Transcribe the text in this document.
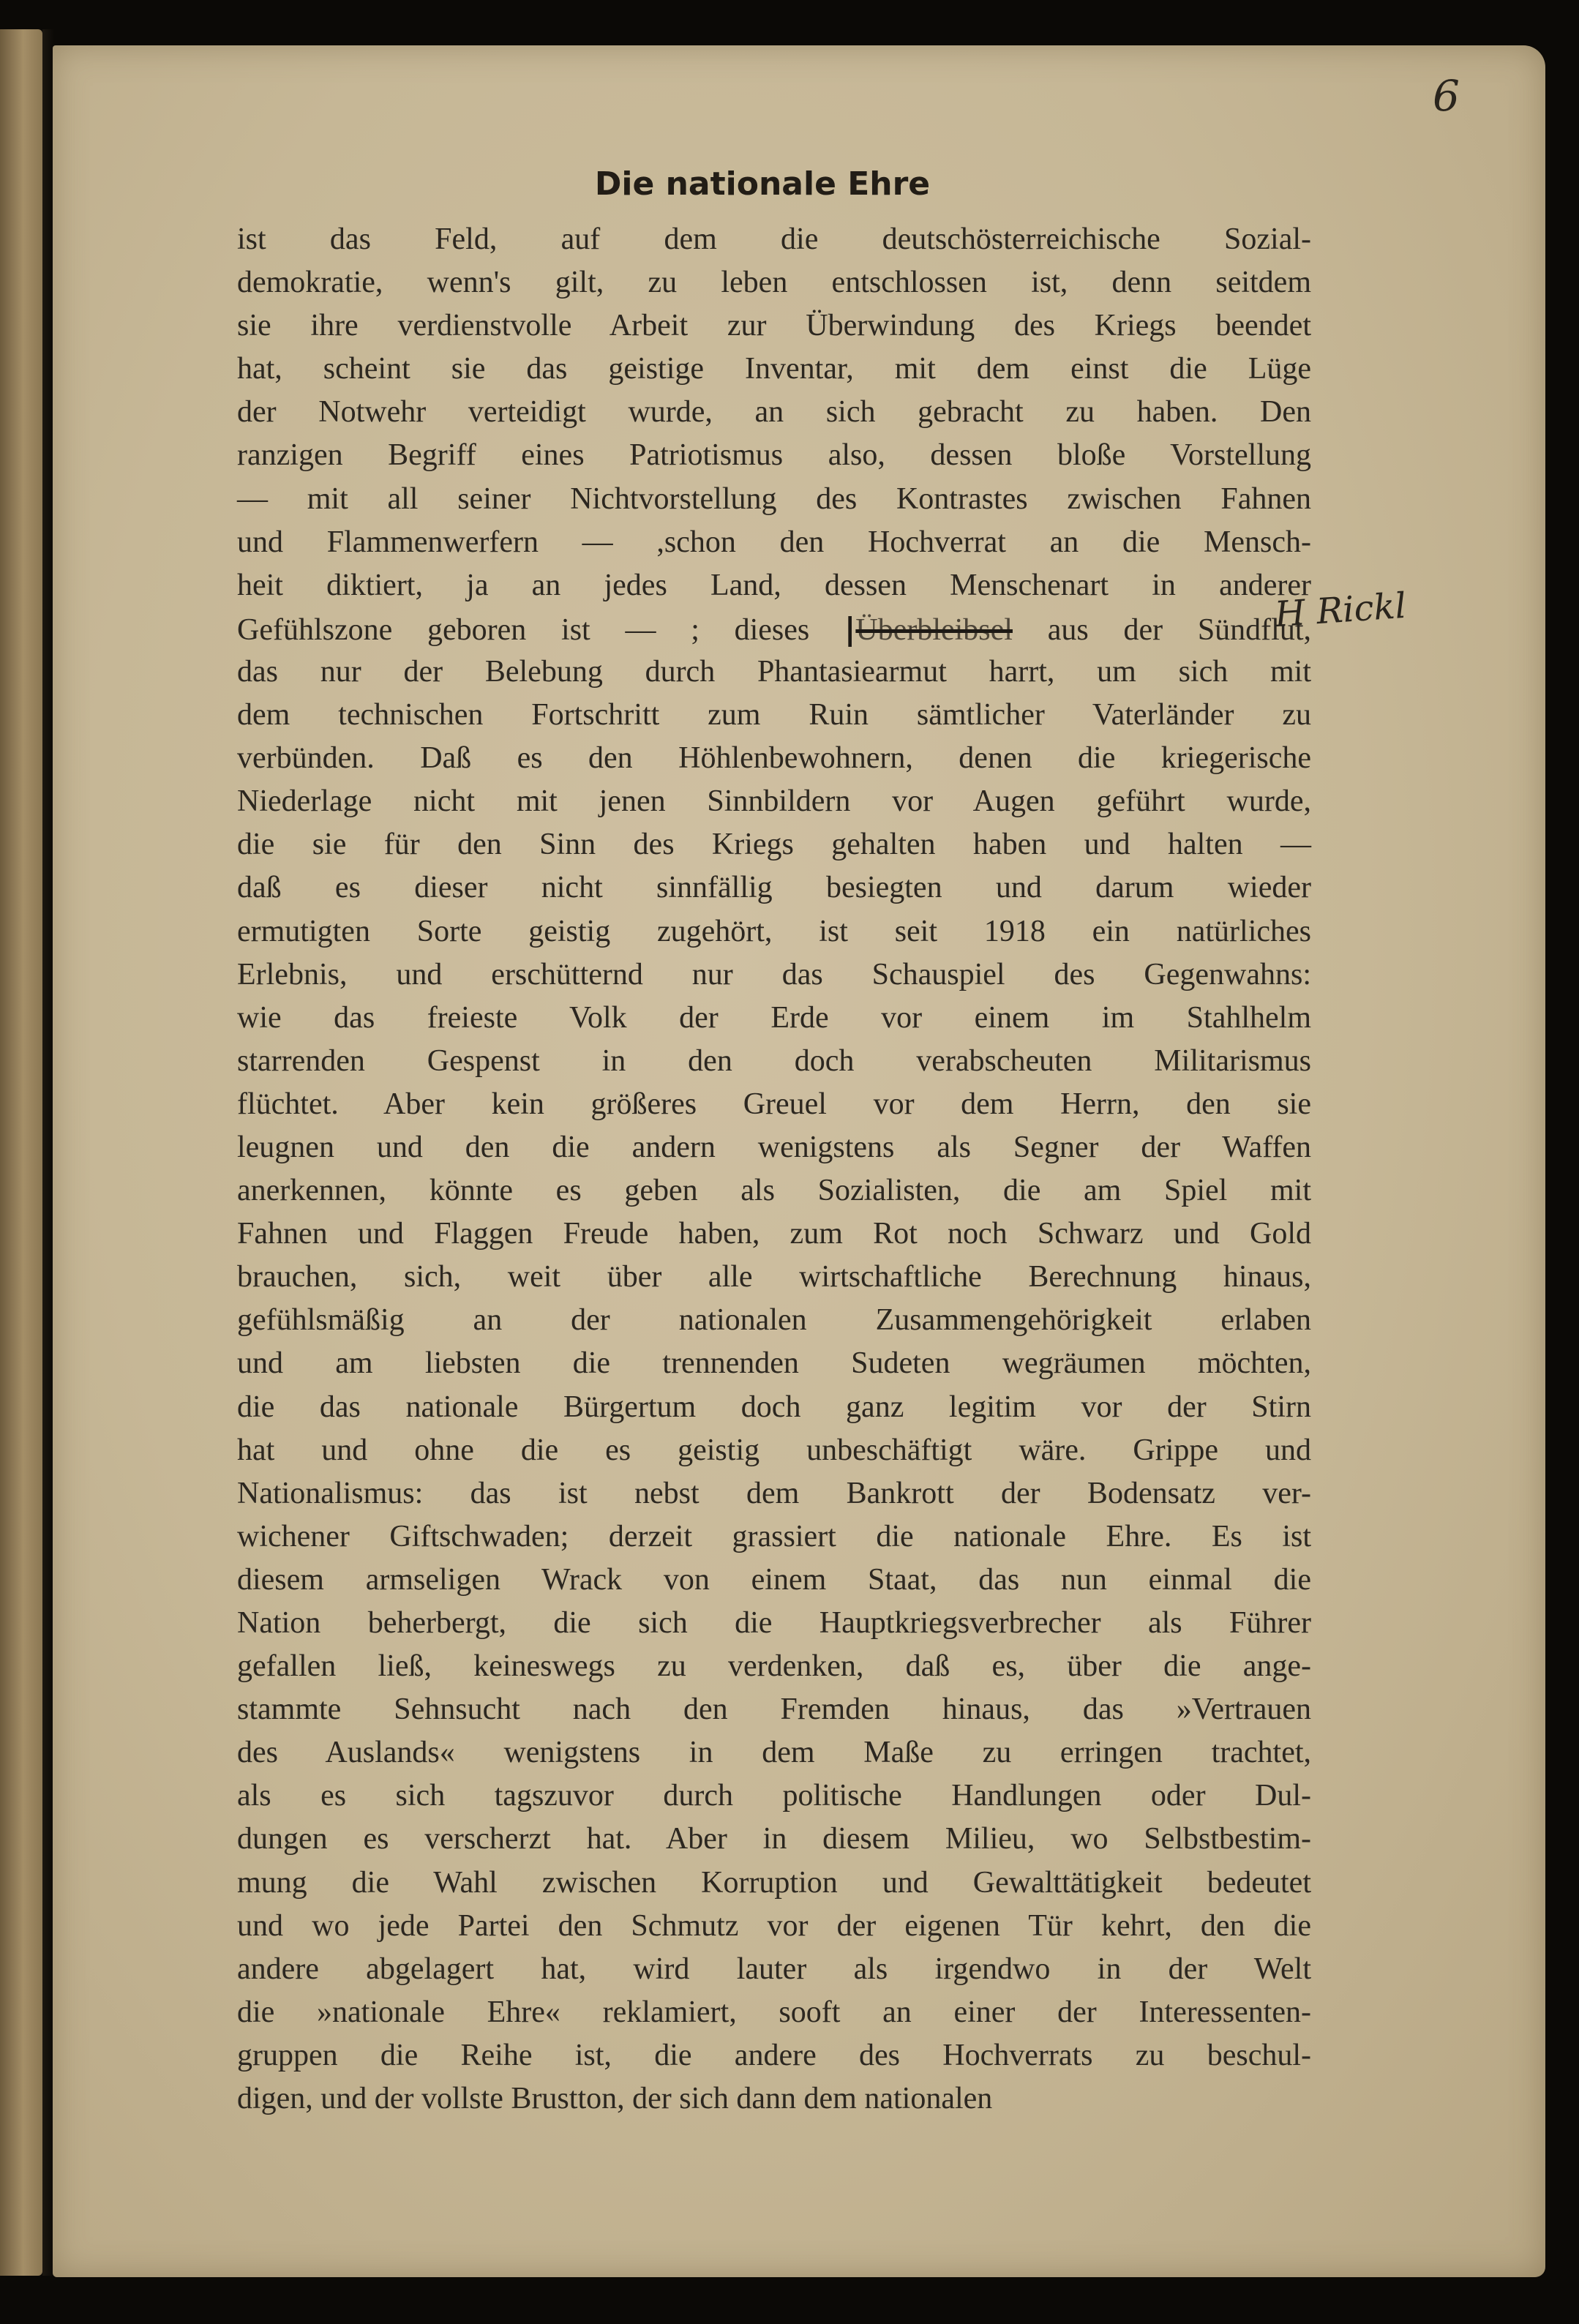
6

Die nationale Ehre

H Rickl

ist das Feld, auf dem die deutschösterreichische Sozial-
demokratie, wenn's gilt, zu leben entschlossen ist, denn seitdem
sie ihre verdienstvolle Arbeit zur Überwindung des Kriegs beendet
hat, scheint sie das geistige Inventar, mit dem einst die Lüge
der Notwehr verteidigt wurde, an sich gebracht zu haben. Den
ranzigen Begriff eines Patriotismus also, dessen bloße Vorstellung
— mit all seiner Nichtvorstellung des Kontrastes zwischen Fahnen
und Flammenwerfern — ,schon den Hochverrat an die Mensch-
heit diktiert, ja an jedes Land, dessen Menschenart in anderer
Gefühlszone geboren ist — ; dieses |Überbleibsel aus der Sündflut,
das nur der Belebung durch Phantasiearmut harrt, um sich mit
dem technischen Fortschritt zum Ruin sämtlicher Vaterländer zu
verbünden. Daß es den Höhlenbewohnern, denen die kriegerische
Niederlage nicht mit jenen Sinnbildern vor Augen geführt wurde,
die sie für den Sinn des Kriegs gehalten haben und halten —
daß es dieser nicht sinnfällig besiegten und darum wieder
ermutigten Sorte geistig zugehört, ist seit 1918 ein natürliches
Erlebnis, und erschütternd nur das Schauspiel des Gegenwahns:
wie das freieste Volk der Erde vor einem im Stahlhelm
starrenden Gespenst in den doch verabscheuten Militarismus
flüchtet. Aber kein größeres Greuel vor dem Herrn, den sie
leugnen und den die andern wenigstens als Segner der Waffen
anerkennen, könnte es geben als Sozialisten, die am Spiel mit
Fahnen und Flaggen Freude haben, zum Rot noch Schwarz und Gold
brauchen, sich, weit über alle wirtschaftliche Berechnung hinaus,
gefühlsmäßig an der nationalen Zusammengehörigkeit erlaben
und am liebsten die trennenden Sudeten wegräumen möchten,
die das nationale Bürgertum doch ganz legitim vor der Stirn
hat und ohne die es geistig unbeschäftigt wäre. Grippe und
Nationalismus: das ist nebst dem Bankrott der Bodensatz ver-
wichener Giftschwaden; derzeit grassiert die nationale Ehre. Es ist
diesem armseligen Wrack von einem Staat, das nun einmal die
Nation beherbergt, die sich die Hauptkriegsverbrecher als Führer
gefallen ließ, keineswegs zu verdenken, daß es, über die ange-
stammte Sehnsucht nach den Fremden hinaus, das »Vertrauen
des Auslands« wenigstens in dem Maße zu erringen trachtet,
als es sich tagszuvor durch politische Handlungen oder Dul-
dungen es verscherzt hat. Aber in diesem Milieu, wo Selbstbestim-
mung die Wahl zwischen Korruption und Gewalttätigkeit bedeutet
und wo jede Partei den Schmutz vor der eigenen Tür kehrt, den die
andere abgelagert hat, wird lauter als irgendwo in der Welt
die »nationale Ehre« reklamiert, sooft an einer der Interessenten-
gruppen die Reihe ist, die andere des Hochverrats zu beschul-
digen, und der vollste Brustton, der sich dann dem nationalen
